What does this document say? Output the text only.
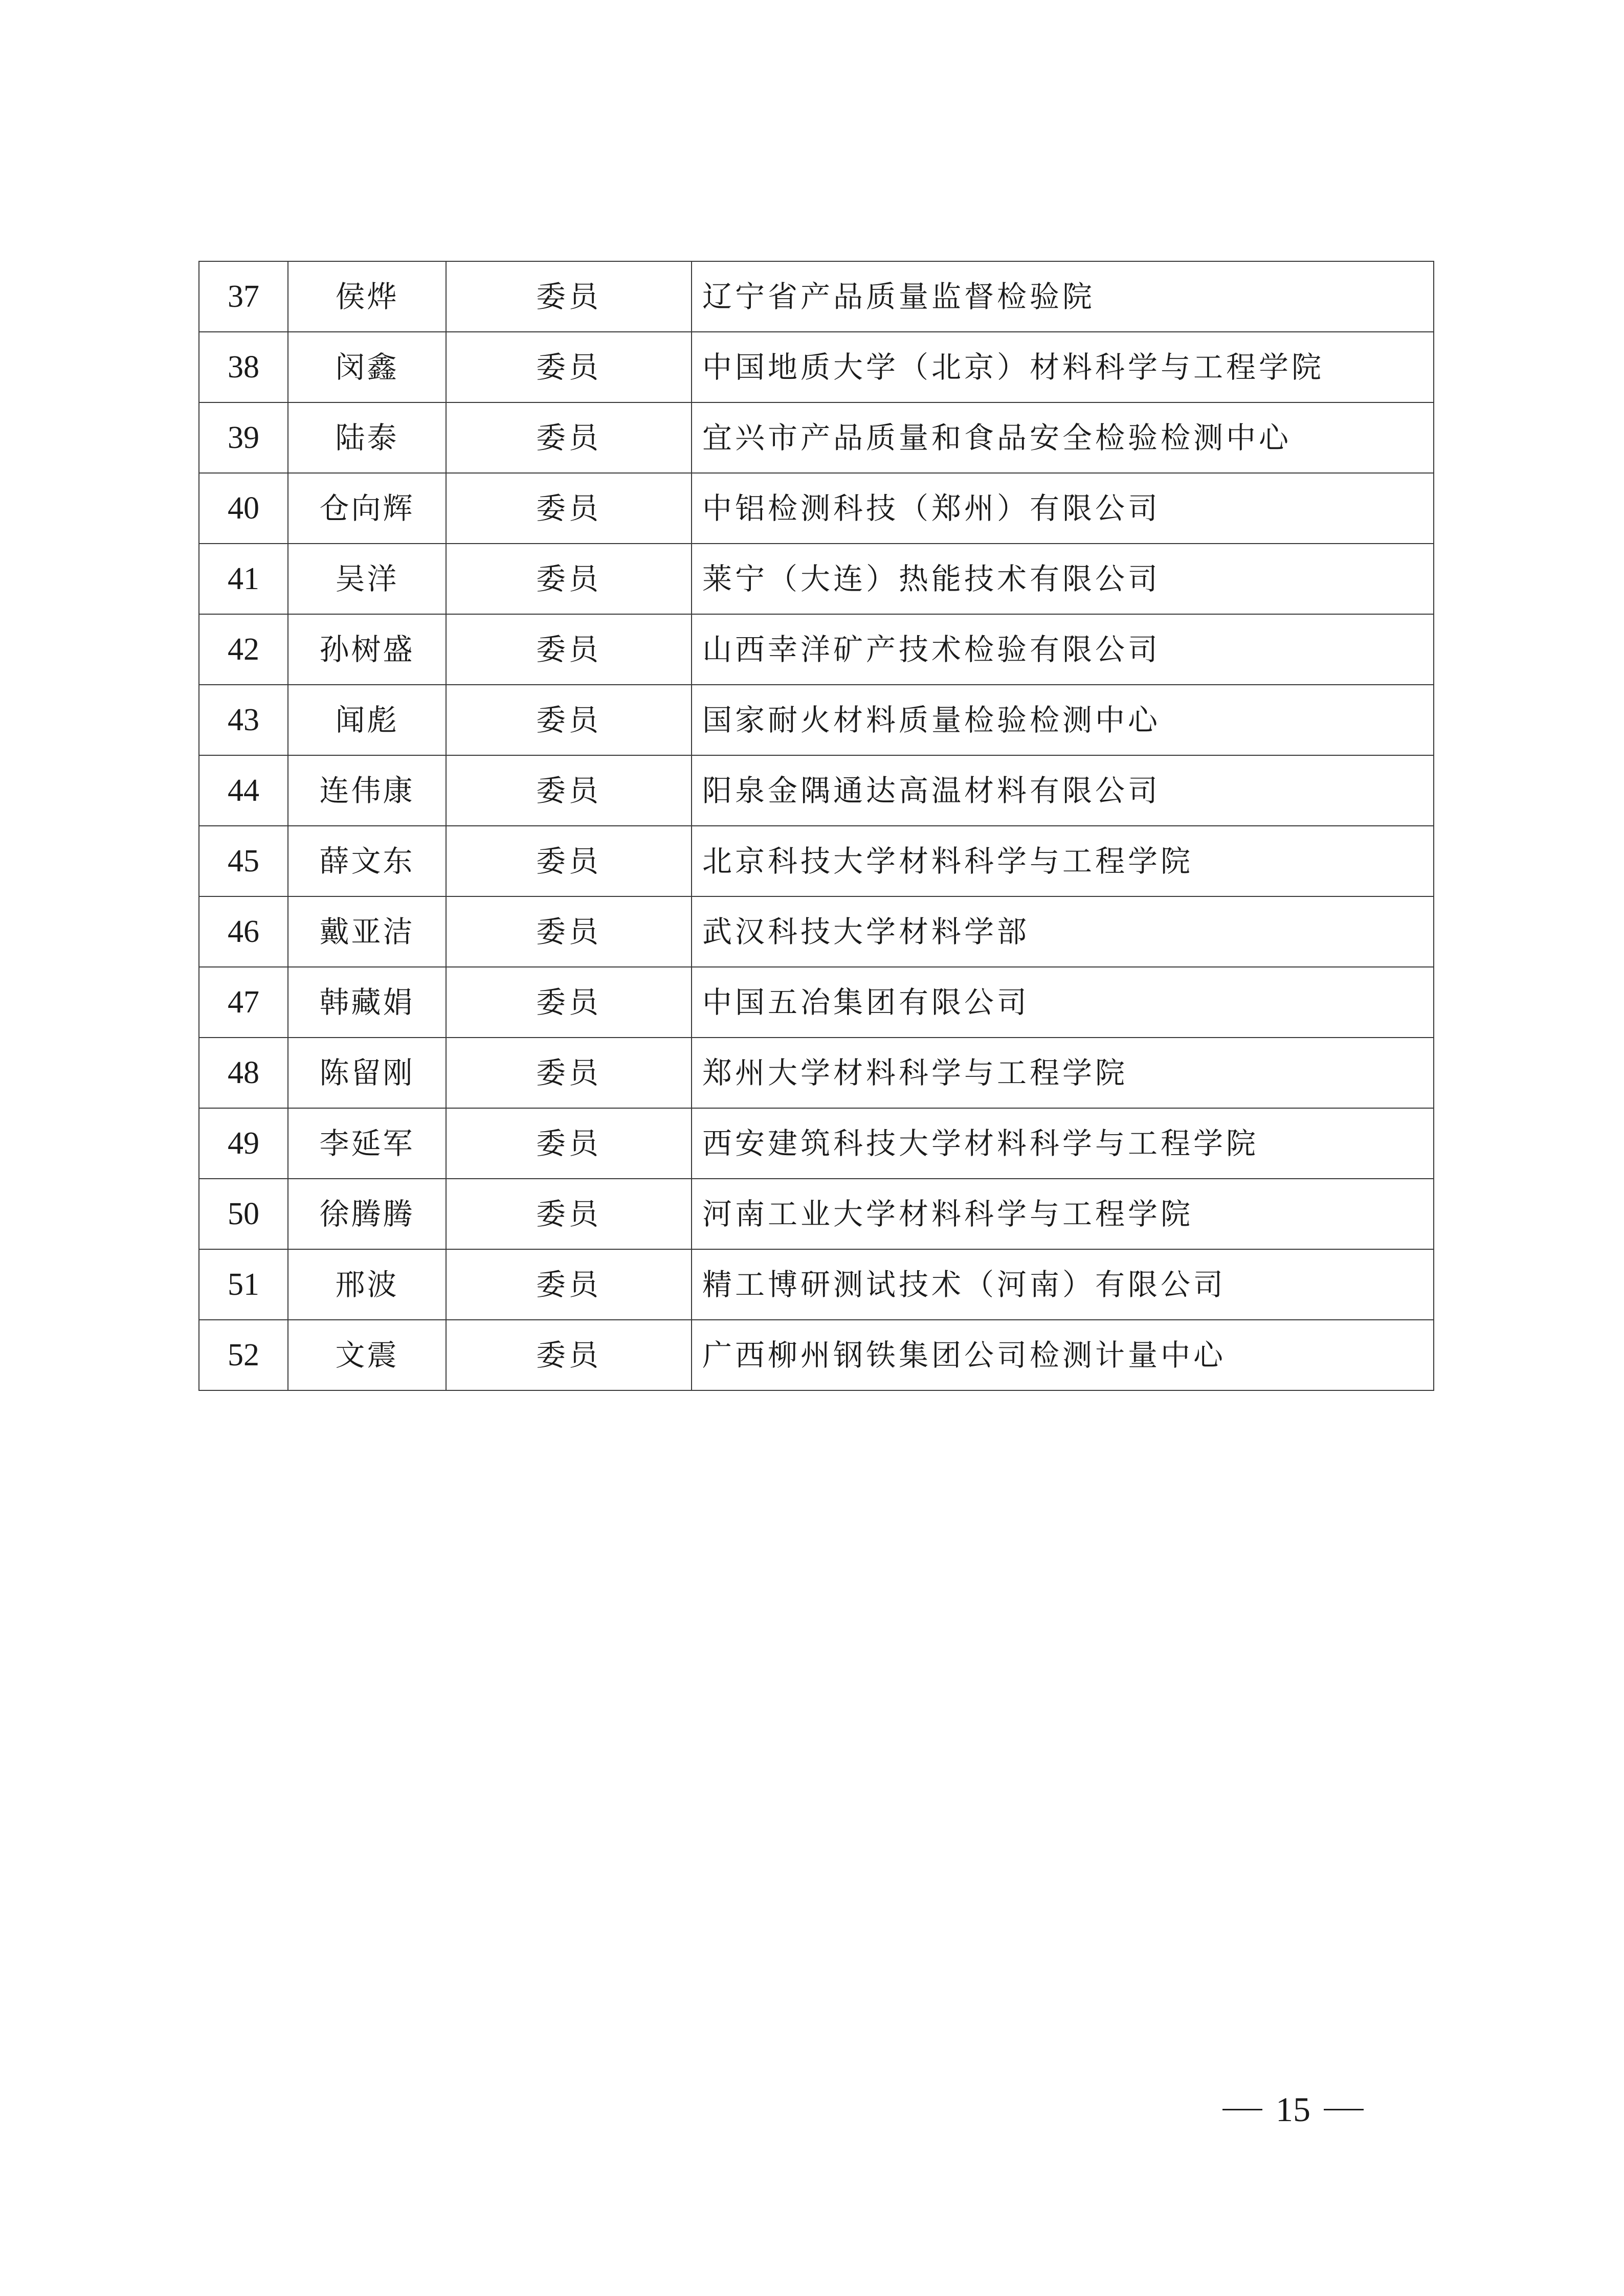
37	侯烨	委员	辽宁省产品质量监督检验院
38	闵鑫	委员	中国地质大学（北京）材料科学与工程学院
39	陆泰	委员	宜兴市产品质量和食品安全检验检测中心
40	仓向辉	委员	中铝检测科技（郑州）有限公司
41	吴洋	委员	莱宁（大连）热能技术有限公司
42	孙树盛	委员	山西幸洋矿产技术检验有限公司
43	闻彪	委员	国家耐火材料质量检验检测中心
44	连伟康	委员	阳泉金隅通达高温材料有限公司
45	薛文东	委员	北京科技大学材料科学与工程学院
46	戴亚洁	委员	武汉科技大学材料学部
47	韩藏娟	委员	中国五冶集团有限公司
48	陈留刚	委员	郑州大学材料科学与工程学院
49	李延军	委员	西安建筑科技大学材料科学与工程学院
50	徐腾腾	委员	河南工业大学材料科学与工程学院
51	邢波	委员	精工博研测试技术（河南）有限公司
52	文震	委员	广西柳州钢铁集团公司检测计量中心
15
